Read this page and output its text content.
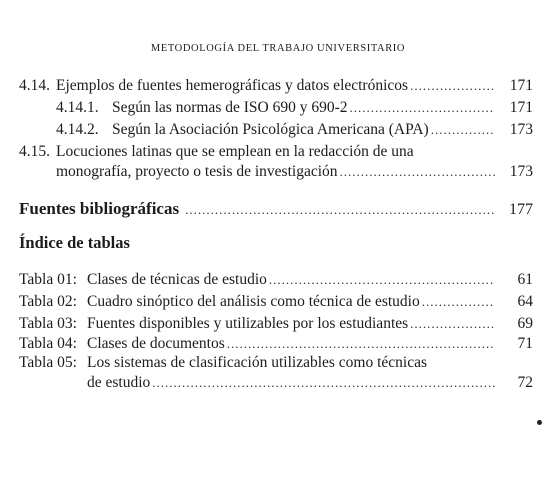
METODOLOGÍA DEL TRABAJO UNIVERSITARIO
4.14. Ejemplos de fuentes hemerográficas y datos electrónicos .....	171
4.14.1. Según las normas de ISO 690 y 690-2 .....	171
4.14.2. Según la Asociación Psicológica Americana (APA) .....	173
4.15. Locuciones latinas que se emplean en la redacción de una
monografía, proyecto o tesis de investigación .....	173
Fuentes bibliográficas .....	177
Índice de tablas
Tabla 01: Clases de técnicas de estudio .....	61
Tabla 02: Cuadro sinóptico del análisis como técnica de estudio .....	64
Tabla 03: Fuentes disponibles y utilizables por los estudiantes .....	69
Tabla 04: Clases de documentos .....	71
Tabla 05: Los sistemas de clasificación utilizables como técnicas
de estudio .....	72
